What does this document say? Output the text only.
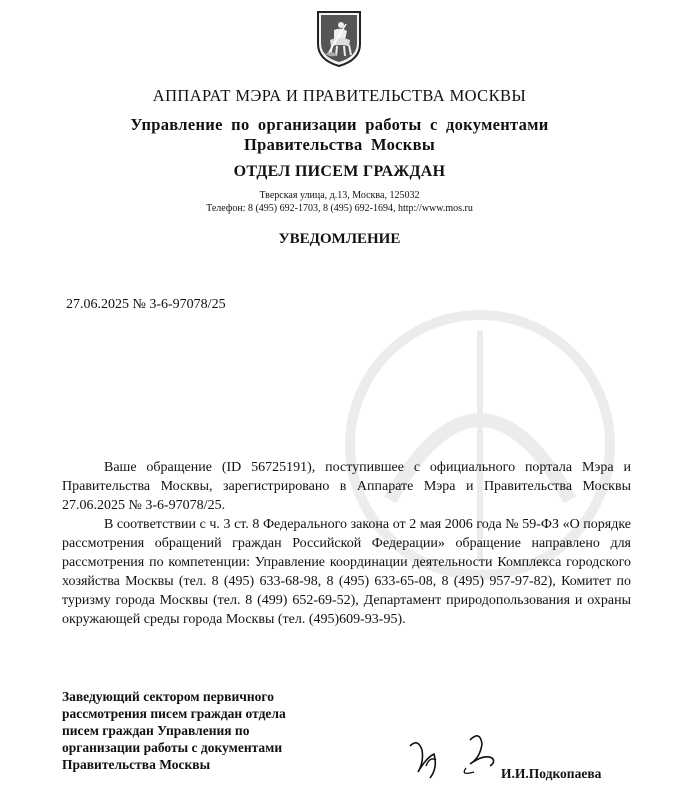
АППАРАТ МЭРА И ПРАВИТЕЛЬСТВА МОСКВЫ
Управление по организации работы с документами
Правительства Москвы
ОТДЕЛ ПИСЕМ ГРАЖДАН
Тверская улица, д.13, Москва, 125032
Телефон: 8 (495) 692-1703, 8 (495) 692-1694, http://www.mos.ru
УВЕДОМЛЕНИЕ
27.06.2025 № 3-6-97078/25

Ваше обращение (ID 56725191), поступившее с официального портала Мэра и Правительства Москвы, зарегистрировано в Аппарате Мэра и Правительства Москвы 27.06.2025 № 3-6-97078/25.

В соответствии с ч. 3 ст. 8 Федерального закона от 2 мая 2006 года № 59-ФЗ «О порядке рассмотрения обращений граждан Российской Федерации» обращение направлено для рассмотрения по компетенции: Управление координации деятельности Комплекса городского хозяйства Москвы (тел. 8 (495) 633-68-98, 8 (495) 633-65-08, 8 (495) 957-97-82), Комитет по туризму города Москвы (тел. 8 (499) 652-69-52), Департамент природопользования и охраны окружающей среды города Москвы (тел. (495)609-93-95).

Заведующий сектором первичного
рассмотрения писем граждан отдела
писем граждан Управления по
организации работы с документами
Правительства Москвы
И.И.Подкопаева
